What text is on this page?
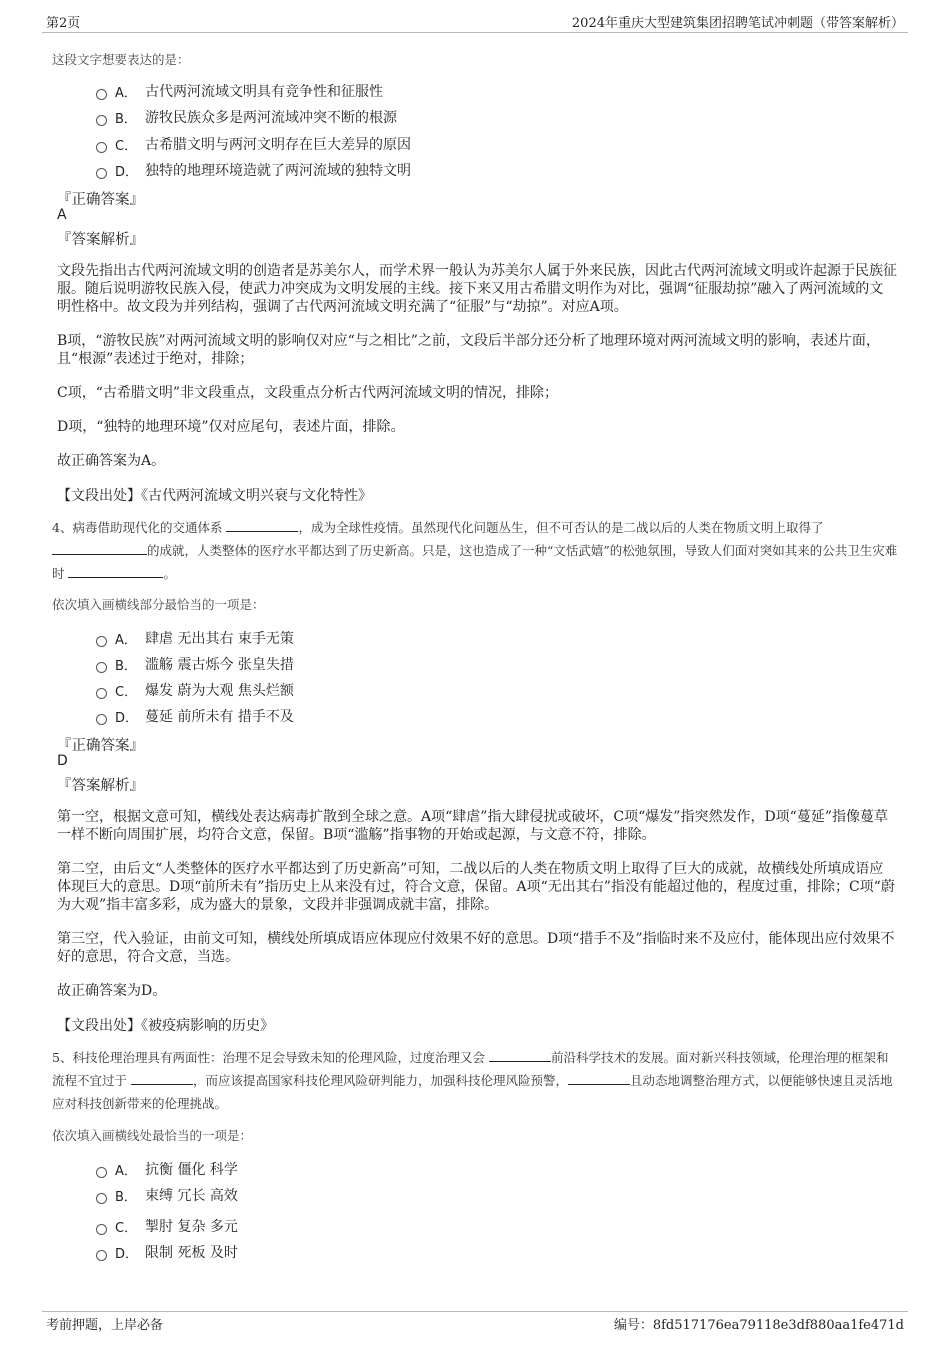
第2页	2024年重庆大型建筑集团招聘笔试冲刺题（带答案解析）
这段文字想要表达的是：
A． 古代两河流域文明具有竞争性和征服性
B． 游牧民族众多是两河流域冲突不断的根源
C． 古希腊文明与两河文明存在巨大差异的原因
D． 独特的地理环境造就了两河流域的独特文明
『正确答案』
A
『答案解析』
文段先指出古代两河流域文明的创造者是苏美尔人，而学术界一般认为苏美尔人属于外来民族，因此古代两河流域文明或许起源于民族征服。随后说明游牧民族入侵，使武力冲突成为文明发展的主线。接下来又用古希腊文明作为对比，强调“征服劫掠”融入了两河流域的文明性格中。故文段为并列结构，强调了古代两河流域文明充满了“征服”与“劫掠”。对应A项。
B项，“游牧民族”对两河流域文明的影响仅对应“与之相比”之前，文段后半部分还分析了地理环境对两河流域文明的影响，表述片面，且“根源”表述过于绝对，排除；
C项，“古希腊文明”非文段重点，文段重点分析古代两河流域文明的情况，排除；
D项，“独特的地理环境”仅对应尾句，表述片面，排除。
故正确答案为A。
【文段出处】《古代两河流域文明兴衰与文化特性》
4、病毒借助现代化的交通体系	，成为全球性疫情。虽然现代化问题丛生，但不可否认的是二战以后的人类在物质文明上取得了的成就，人类整体的医疗水平都达到了历史新高。只是，这也造成了一种“文恬武嬉”的松弛氛围，导致人们面对突如其来的公共卫生灾难时	。
依次填入画横线部分最恰当的一项是：
A． 肆虐 无出其右 束手无策
B． 滥觞 震古烁今 张皇失措
C． 爆发 蔚为大观 焦头烂额
D． 蔓延 前所未有 措手不及
『正确答案』
D
『答案解析』
第一空，根据文意可知，横线处表达病毒扩散到全球之意。A项“肆虐”指大肆侵扰或破坏，C项“爆发”指突然发作，D项“蔓延”指像蔓草一样不断向周围扩展，均符合文意，保留。B项“滥觞”指事物的开始或起源，与文意不符，排除。
第二空，由后文“人类整体的医疗水平都达到了历史新高”可知，二战以后的人类在物质文明上取得了巨大的成就，故横线处所填成语应体现巨大的意思。D项“前所未有”指历史上从来没有过，符合文意，保留。A项“无出其右”指没有能超过他的，程度过重，排除；C项“蔚为大观”指丰富多彩，成为盛大的景象，文段并非强调成就丰富，排除。
第三空，代入验证，由前文可知，横线处所填成语应体现应付效果不好的意思。D项“措手不及”指临时来不及应付，能体现出应付效果不好的意思，符合文意，当选。
故正确答案为D。
【文段出处】《被疫病影响的历史》
5、科技伦理治理具有两面性：治理不足会导致未知的伦理风险，过度治理又会	前沿科学技术的发展。面对新兴科技领域，伦理治理的框架和流程不宜过于	，而应该提高国家科技伦理风险研判能力，加强科技伦理风险预警，	且动态地调整治理方式，以便能够快速且灵活地应对科技创新带来的伦理挑战。
依次填入画横线处最恰当的一项是：
A． 抗衡 僵化 科学
B． 束缚 冗长 高效
C． 掣肘 复杂 多元
D． 限制 死板 及时
考前押题，上岸必备	编号：8fd517176ea79118e3df880aa1fe471d
